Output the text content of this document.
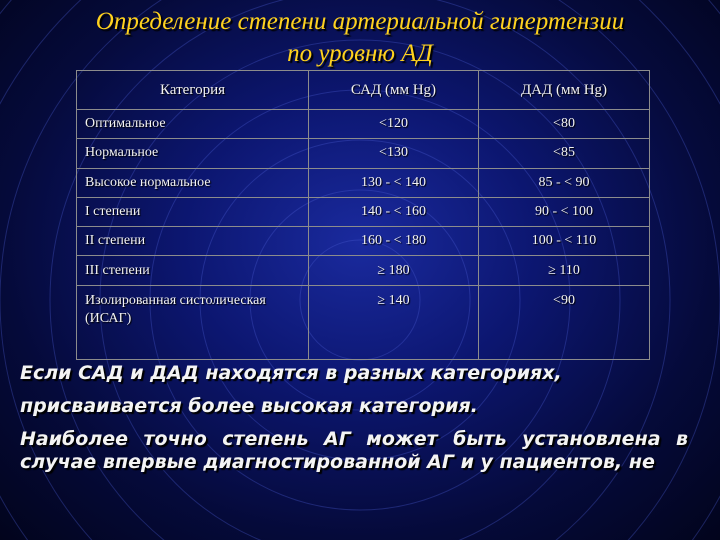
Определение степени артериальной гипертензии
по уровню АД
Категория	САД (мм Hg)	ДАД (мм Hg)
Оптимальное	<120	<80
Нормальное	<130	<85
Высокое нормальное	130 - < 140	85 - < 90
I степени	140 - < 160	90 - < 100
II степени	160 - < 180	100 - < 110
III степени	≥ 180	≥ 110
Изолированная систолическая (ИСАГ)	≥ 140	<90

Если САД и ДАД находятся в разных категориях,

присваивается более высокая категория.

Наиболее точно степень АГ может быть установлена в случае впервые диагностированной АГ и у пациентов, не
